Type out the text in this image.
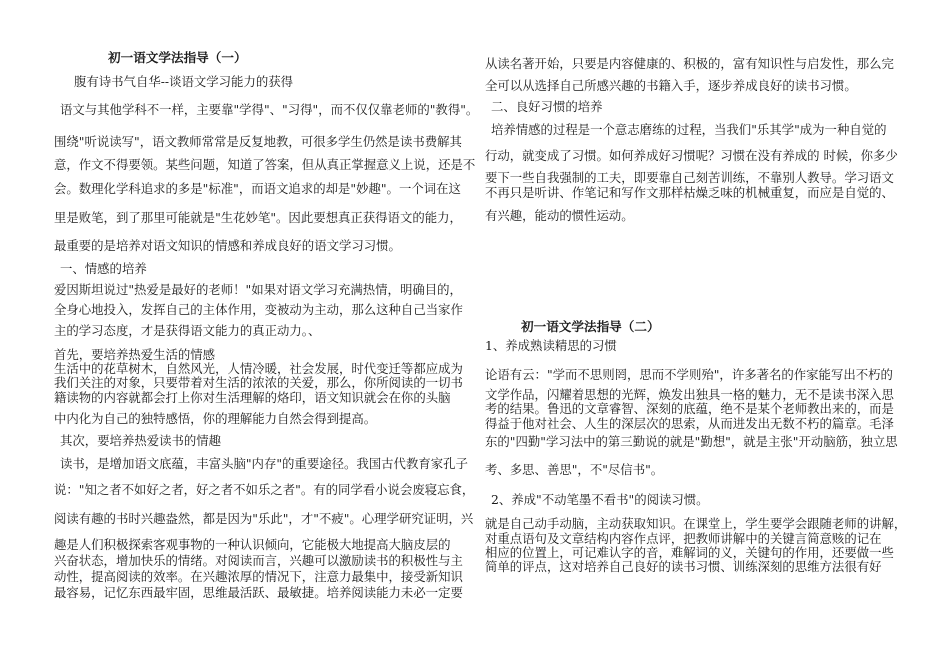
初一语文学法指导（一）
腹有诗书气自华--谈语文学习能力的获得
语文与其他学科不一样，主要靠"学得"、"习得"，而不仅仅靠老师的"教得"。
围绕"听说读写"，语文教师常常是反复地教，可很多学生仍然是读书费解其
意，作文不得要领。某些问题，知道了答案，但从真正掌握意义上说，还是不
会。数理化学科追求的多是"标准"，而语文追求的却是"妙趣"。一个词在这
里是败笔，到了那里可能就是"生花妙笔"。因此要想真正获得语文的能力，
最重要的是培养对语文知识的情感和养成良好的语文学习习惯。
一、情感的培养
爱因斯坦说过"热爱是最好的老师！"如果对语文学习充满热情，明确目的，
全身心地投入，发挥自己的主体作用，变被动为主动，那么这种自己当家作
主的学习态度，才是获得语文能力的真正动力。、
首先，要培养热爱生活的情感
生活中的花草树木，自然风光，人情冷暖，社会发展，时代变迁等都应成为
我们关注的对象，只要带着对生活的浓浓的关爱，那么，你所阅读的一切书
籍读物的内容就都会打上你对生活理解的烙印，语文知识就会在你的头脑
中内化为自己的独特感悟，你的理解能力自然会得到提高。
其次，要培养热爱读书的情趣
读书，是增加语文底蕴，丰富头脑"内存"的重要途径。我国古代教育家孔子
说："知之者不如好之者，好之者不如乐之者"。有的同学看小说会废寝忘食，
阅读有趣的书时兴趣盎然，都是因为"乐此"，才"不疲"。心理学研究证明，兴
趣是人们积极探索客观事物的一种认识倾向，它能极大地提高大脑皮层的
兴奋状态，增加快乐的情绪。对阅读而言，兴趣可以激励读书的积极性与主
动性，提高阅读的效率。在兴趣浓厚的情况下，注意力最集中，接受新知识
最容易，记忆东西最牢固，思维最活跃、最敏捷。培养阅读能力未必一定要
从读名著开始，只要是内容健康的、积极的，富有知识性与启发性，那么完
全可以从选择自己所感兴趣的书籍入手，逐步养成良好的读书习惯。
二、良好习惯的培养
培养情感的过程是一个意志磨练的过程，当我们"乐其学"成为一种自觉的
行动，就变成了习惯。如何养成好习惯呢？习惯在没有养成的 时候，你多少
要下一些自我强制的工夫，即要靠自己刻苦训练，不靠别人教导。学习语文
不再只是听讲、作笔记和写作文那样枯燥乏味的机械重复，而应是自觉的、
有兴趣，能动的惯性运动。
初一语文学法指导（二）
1、养成熟读精思的习惯
论语有云："学而不思则罔，思而不学则殆"，许多著名的作家能写出不朽的
文学作品，闪耀着思想的光辉，焕发出独具一格的魅力，无不是读书深入思
考的结果。鲁迅的文章睿智、深刻的底蕴，绝不是某个老师教出来的，而是
得益于他对社会、人生的深层次的思索，从而进发出无数不朽的篇章。毛泽
东的"四勤"学习法中的第三勤说的就是"勤想"，就是主张"开动脑筋，独立思
考、多思、善思"，不"尽信书"。
2、养成"不动笔墨不看书"的阅读习惯。
就是自己动手动脑，主动获取知识。在课堂上，学生要学会跟随老师的讲解，
对重点语句及文章结构内容作点评，把教师讲解中的关键言简意赅的记在
相应的位置上，可记难认字的音，难解词的义，关键句的作用，还要做一些
简单的评点，这对培养自己良好的读书习惯、训练深刻的思维方法很有好
